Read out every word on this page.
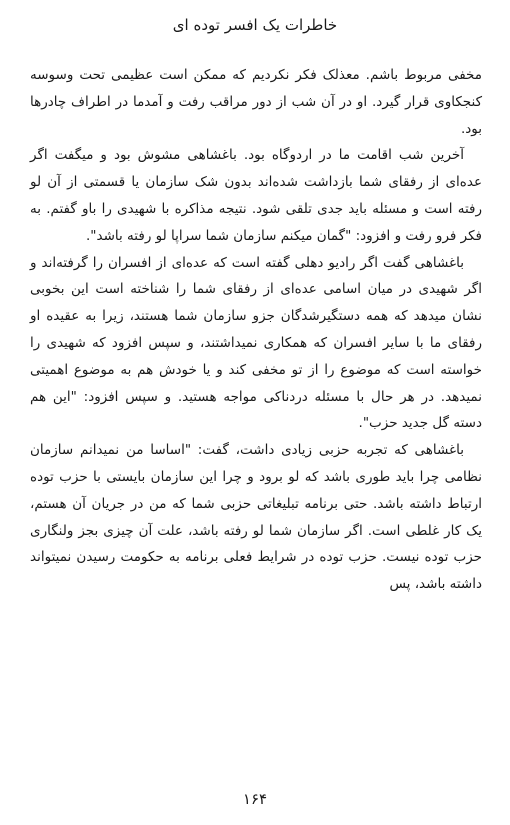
خاطرات یک افسر توده ای

مخفی مربوط باشم. معذلک فکر نکردیم که ممکن است عظیمی تحت وسوسه کنجکاوی قرار گیرد. او در آن شب از دور مراقب رفت و آمدما در اطراف چادرها بود.

آخرین شب اقامت ما در اردوگاه بود. باغشاهی مشوش بود و میگفت اگر عده‌ای از رفقای شما بازداشت شده‌اند بدون شک سازمان یا قسمتی از آن لو رفته است و مسئله باید جدی تلقی شود. نتیجه مذاکره با شهیدی را باو گفتم. به فکر فرو رفت و افزود: "گمان میکنم سازمان شما سراپا لو رفته باشد".

باغشاهی گفت اگر رادیو دهلی گفته است که عده‌ای از افسران را گرفته‌اند و اگر شهیدی در میان اسامی عده‌ای از رفقای شما را شناخته است این بخوبی نشان میدهد که همه دستگیرشدگان جزو سازمان شما هستند، زیرا به عقیده او رفقای ما با سایر افسران که همکاری نمیداشتند، و سپس افزود که شهیدی را خواسته است که موضوع را از تو مخفی کند و یا خودش هم به موضوع اهمیتی نمیدهد. در هر حال با مسئله دردناکی مواجه هستید. و سپس افزود: "این هم دسته گل جدید حزب".

باغشاهی که تجربه حزبی زیادی داشت، گفت: "اساسا من نمیدانم سازمان نظامی چرا باید طوری باشد که لو برود و چرا این سازمان بایستی با حزب توده ارتباط داشته باشد. حتی برنامه تبلیغاتی حزبی شما که من در جریان آن هستم، یک کار غلطی است. اگر سازمان شما لو رفته باشد، علت آن چیزی بجز ولنگاری حزب توده نیست. حزب توده در شرایط فعلی برنامه به حکومت رسیدن نمیتواند داشته باشد، پس

۱۶۴
